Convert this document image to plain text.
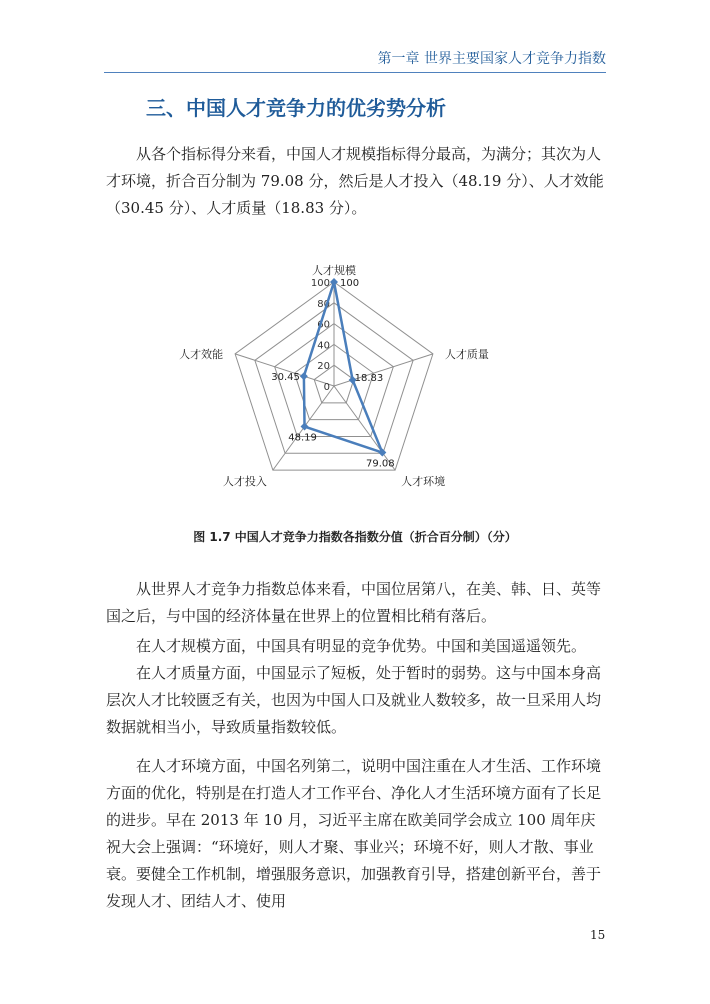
第一章 世界主要国家人才竞争力指数
三、中国人才竞争力的优劣势分析

从各个指标得分来看，中国人才规模指标得分最高，为满分；其次为人才环境，折合百分制为 79.08 分，然后是人才投入（48.19 分）、人才效能（30.45 分）、人才质量（18.83 分）。

0
20
40
60
80
100
人才规模
人才质量
人才环境
人才投入
人才效能
100
18.83
79.08
48.19
30.45
图 1.7 中国人才竞争力指数各指数分值（折合百分制）（分）

从世界人才竞争力指数总体来看，中国位居第八，在美、韩、日、英等国之后，与中国的经济体量在世界上的位置相比稍有落后。

在人才规模方面，中国具有明显的竞争优势。中国和美国遥遥领先。

在人才质量方面，中国显示了短板，处于暂时的弱势。这与中国本身高层次人才比较匮乏有关，也因为中国人口及就业人数较多，故一旦采用人均数据就相当小，导致质量指数较低。

在人才环境方面，中国名列第二，说明中国注重在人才生活、工作环境方面的优化，特别是在打造人才工作平台、净化人才生活环境方面有了长足的进步。早在 2013 年 10 月，习近平主席在欧美同学会成立 100 周年庆祝大会上强调：“环境好，则人才聚、事业兴；环境不好，则人才散、事业衰。要健全工作机制，增强服务意识，加强教育引导，搭建创新平台，善于发现人才、团结人才、使用

15
